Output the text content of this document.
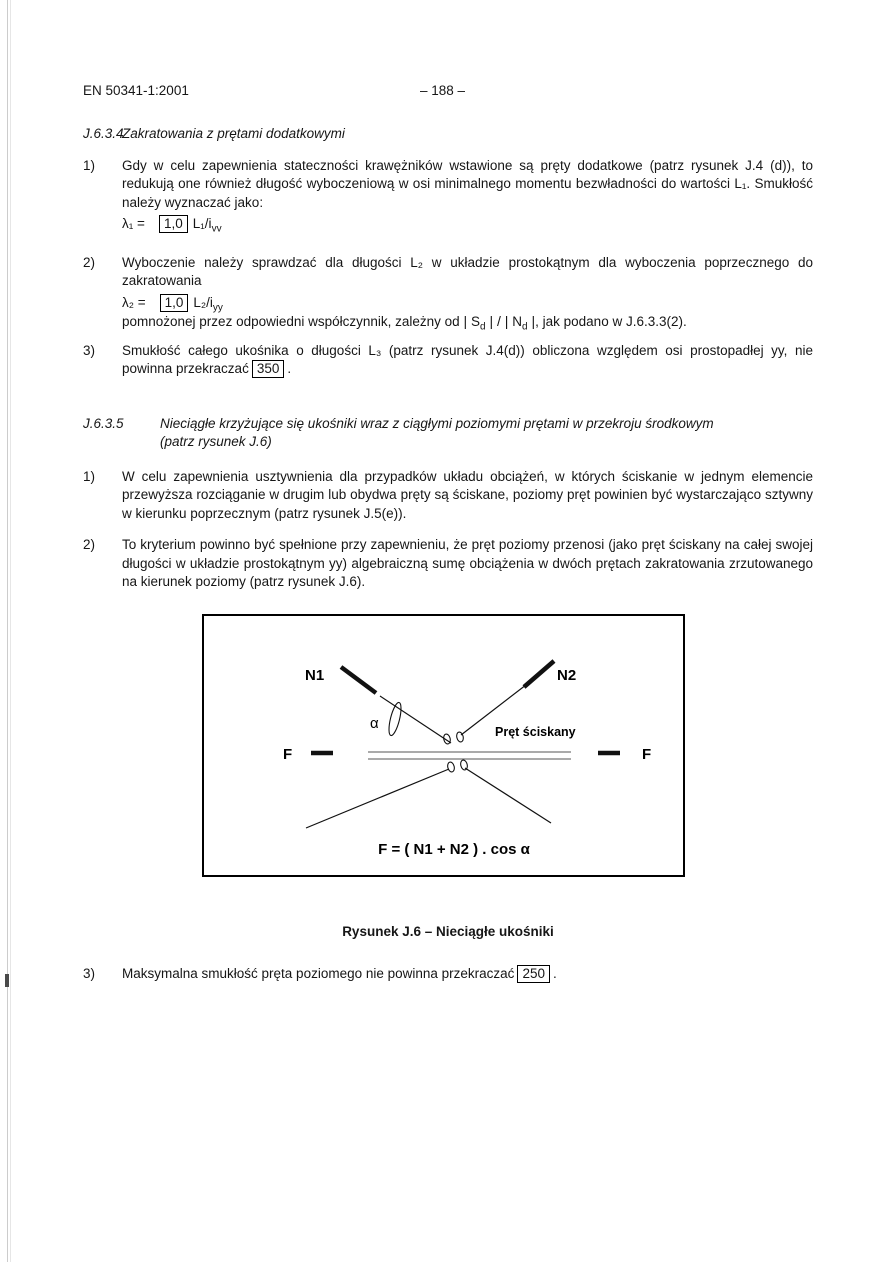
EN 50341-1:2001	– 188 –
J.6.3.4
Zakratowania z prętami dodatkowymi
1)	Gdy w celu zapewnienia stateczności krawężników wstawione są pręty dodatkowe (patrz rysunek J.4 (d)), to redukują one również długość wyboczeniową w osi minimalnego momentu bezwładności do wartości L₁. Smukłość należy wyznaczać jako:

λ₁ = 1,0 $L_1/i_{vv}$
2)	Wyboczenie należy sprawdzać dla długości L₂ w układzie prostokątnym dla wyboczenia poprzecznego do zakratowania

λ₂ = 1,0 $L_2/i_{yy}$

pomnożonej przez odpowiedni współczynnik, zależny od | $S_d$ | / | $N_d$ |, jak podano w J.6.3.3(2).

3)	Smukłość całego ukośnika o długości L₃ (patrz rysunek J.4(d)) obliczona względem osi prostopadłej yy, nie powinna przekraczać 350 .

J.6.3.5	Nieciągłe krzyżujące się ukośniki wraz z ciągłymi poziomymi prętami w przekroju środkowym
(patrz rysunek J.6)
1)	W celu zapewnienia usztywnienia dla przypadków układu obciążeń, w których ściskanie w jednym elemencie przewyższa rozciąganie w drugim lub obydwa pręty są ściskane, poziomy pręt powinien być wystarczająco sztywny w kierunku poprzecznym (patrz rysunek J.5(e)).

2)	To kryterium powinno być spełnione przy zapewnieniu, że pręt poziomy przenosi (jako pręt ściskany na całej swojej długości w układzie prostokątnym yy) algebraiczną sumę obciążenia w dwóch prętach zakratowania zrzutowanego na kierunek poziomy (patrz rysunek J.6).

N1	N2
α	Pręt ściskany
F	F
F = ( N1 + N2 ) . cos α
Rysunek J.6 – Nieciągłe ukośniki
3)	Maksymalna smukłość pręta poziomego nie powinna przekraczać 250 .
